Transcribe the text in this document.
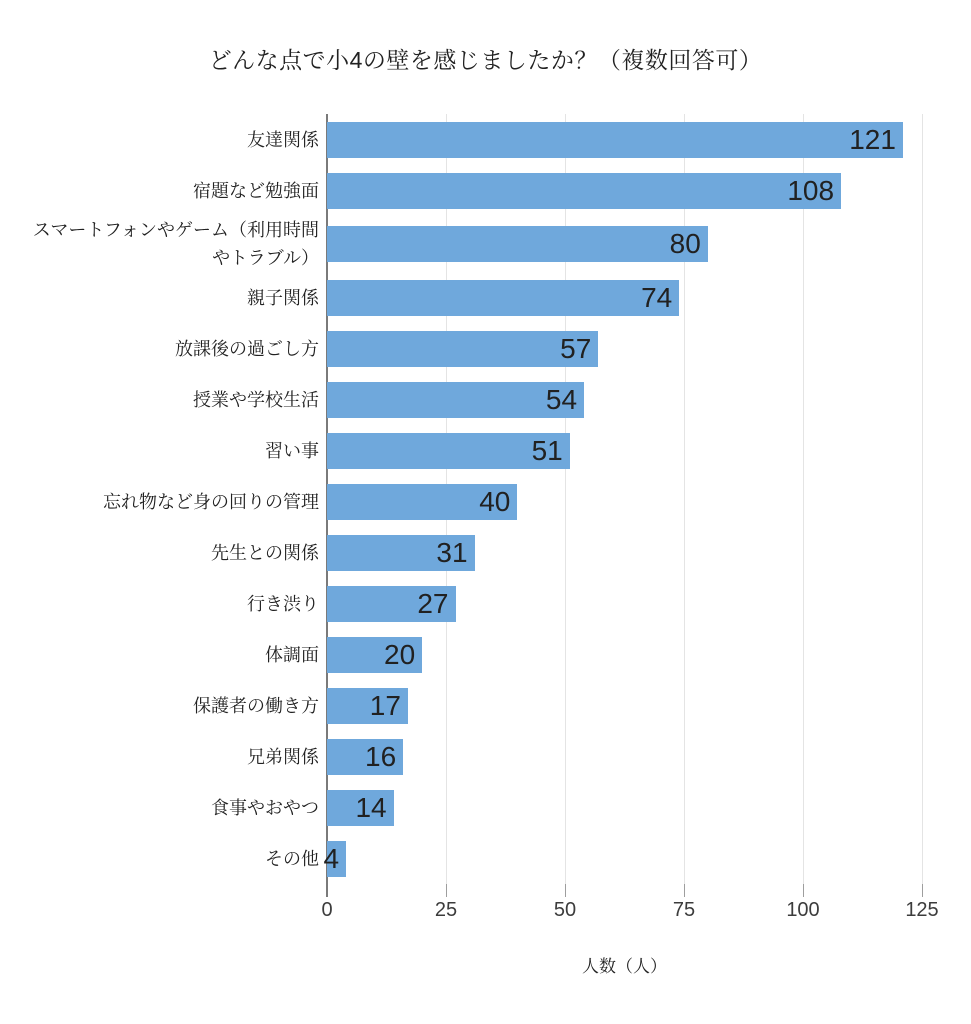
どんな点で小4の壁を感じましたか？（複数回答可）
友達関係	121
宿題など勉強面	108
スマートフォンやゲーム（利用時間やトラブル）	80
親子関係	74
放課後の過ごし方	57
授業や学校生活	54
習い事	51
忘れ物など身の回りの管理	40
先生との関係	31
行き渋り	27
体調面 20
保護者の働き方 17
兄弟関係 16
食事やおやつ 14
その他 4
0	25	50	75	100	125
人数（人）
